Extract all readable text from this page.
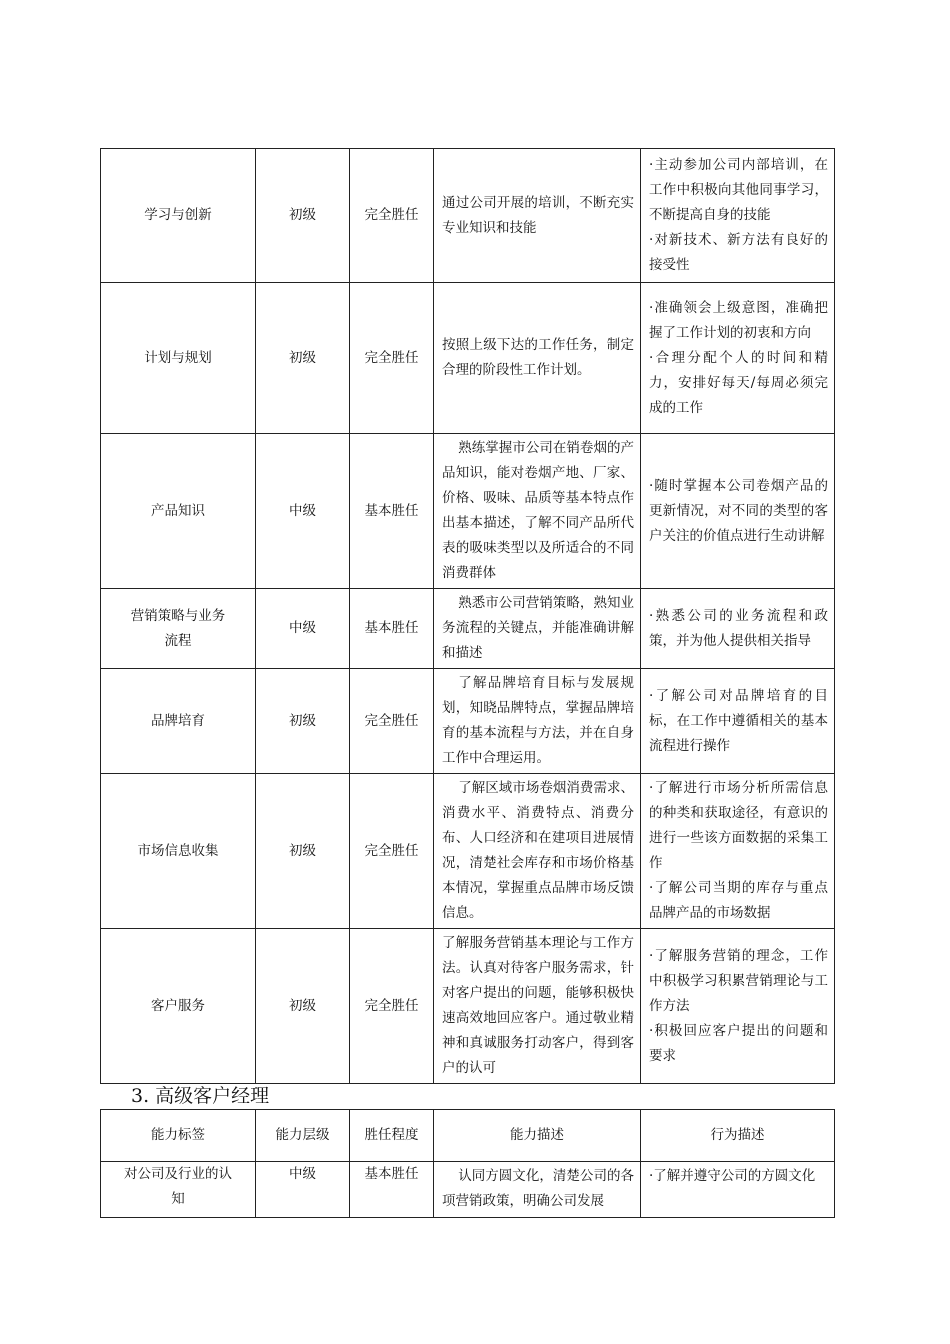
学习与创新	初级	完全胜任	通过公司开展的培训，不断充实专业知识和技能	·主动参加公司内部培训，在工作中积极向其他同事学习，不断提高自身的技能
·对新技术、新方法有良好的接受性

计划与规划	初级	完全胜任	按照上级下达的工作任务，制定合理的阶段性工作计划。	·准确领会上级意图，准确把握了工作计划的初衷和方向
·合理分配个人的时间和精力，安排好每天/每周必须完成的工作

产品知识	中级	基本胜任	熟练掌握市公司在销卷烟的产品知识，能对卷烟产地、厂家、价格、吸味、品质等基本特点作出基本描述，了解不同产品所代表的吸味类型以及所适合的不同消费群体	·随时掌握本公司卷烟产品的更新情况，对不同的类型的客户关注的价值点进行生动讲解

营销策略与业务流程	中级	基本胜任	熟悉市公司营销策略，熟知业务流程的关键点，并能准确讲解和描述	·熟悉公司的业务流程和政策，并为他人提供相关指导

品牌培育	初级	完全胜任	了解品牌培育目标与发展规划，知晓品牌特点，掌握品牌培育的基本流程与方法，并在自身工作中合理运用。	·了解公司对品牌培育的目标，在工作中遵循相关的基本流程进行操作

市场信息收集	初级	完全胜任	了解区域市场卷烟消费需求、消费水平、消费特点、消费分布、人口经济和在建项目进展情况，清楚社会库存和市场价格基本情况，掌握重点品牌市场反馈信息。	·了解进行市场分析所需信息的种类和获取途径，有意识的进行一些该方面数据的采集工作
·了解公司当期的库存与重点品牌产品的市场数据

客户服务	初级	完全胜任	了解服务营销基本理论与工作方法。认真对待客户服务需求，针对客户提出的问题，能够积极快速高效地回应客户。通过敬业精神和真诚服务打动客户，得到客户的认可	·了解服务营销的理念，工作中积极学习积累营销理论与工作方法
·积极回应客户提出的问题和要求
3. 高级客户经理
能力标签	能力层级	胜任程度	能力描述	行为描述
对公司及行业的认知	中级	基本胜任	认同方圆文化，清楚公司的各项营销政策，明确公司发展	·了解并遵守公司的方圆文化
